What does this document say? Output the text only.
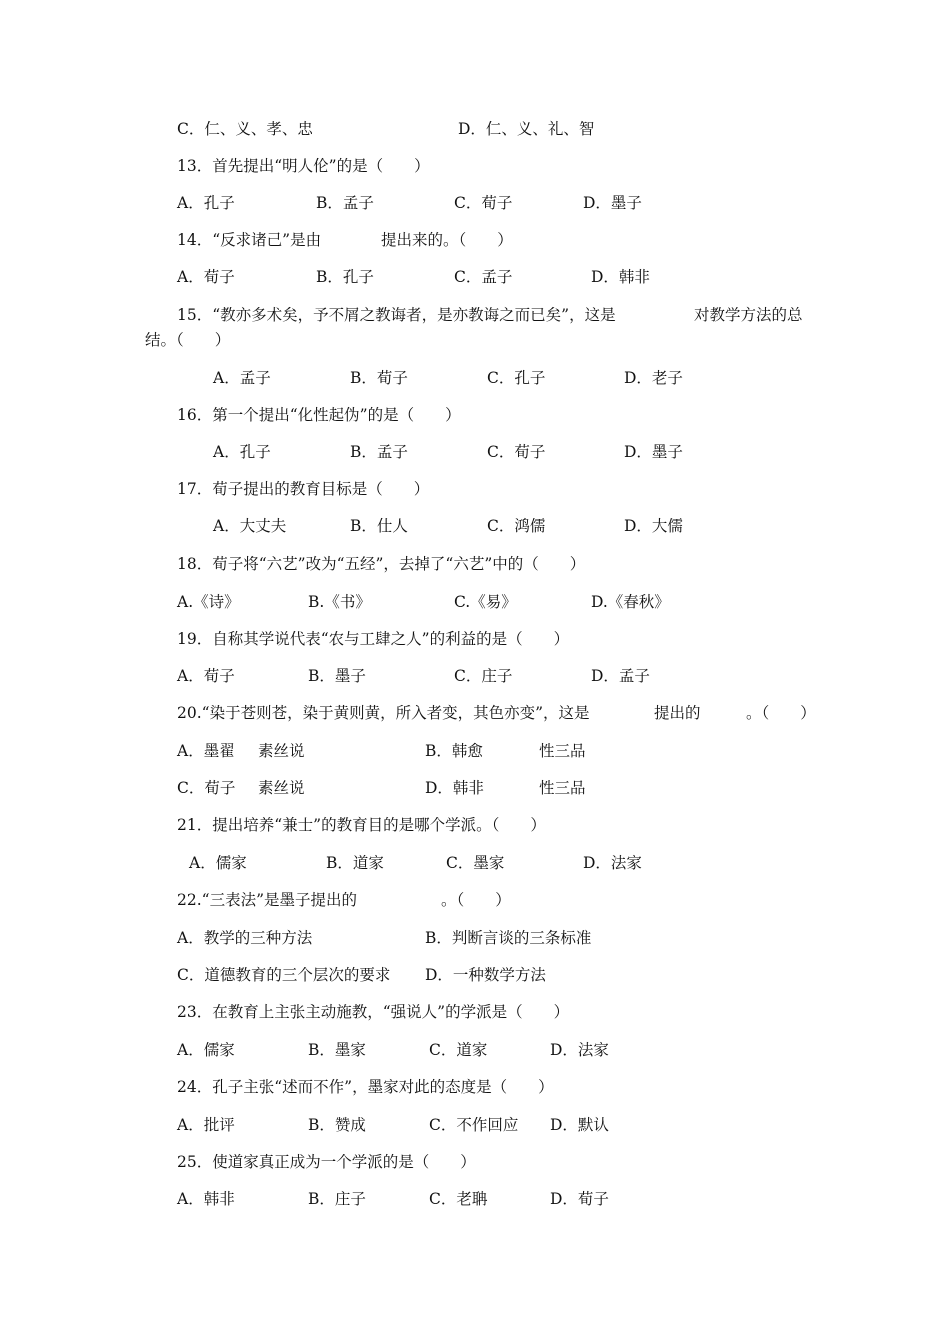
C．仁、义、孝、忠	D．仁、义、礼、智
13．首先提出“明人伦”的是（　　）
A．孔子	B．孟子	C．荀子	D．墨子
14．“反求诸己”是由	提出来的。（　　）
A．荀子	B．孔子	C．孟子	D．韩非
15．“教亦多术矣，予不屑之教诲者，是亦教诲之而已矣”，这是	对教学方法的总
结。（　　）
A．孟子	B．荀子	C．孔子	D．老子
16．第一个提出“化性起伪”的是（　　）
A．孔子	B．孟子	C．荀子	D．墨子
17．荀子提出的教育目标是（　　）
A．大丈夫	B．仕人	C．鸿儒	D．大儒
18．荀子将“六艺”改为“五经”，去掉了“六艺”中的（　　）
A.《诗》	B.《书》	C.《易》	D.《春秋》
19．自称其学说代表“农与工肆之人”的利益的是（　　）
A．荀子	B．墨子	C．庄子	D．孟子
20.“染于苍则苍，染于黄则黄，所入者变，其色亦变”，这是	提出的	。（　　）
A．墨翟 素丝说	B．韩愈	性三品
C．荀子 素丝说	D．韩非	性三品
21．提出培养“兼士”的教育目的是哪个学派。（　　）
A．儒家	B．道家	C．墨家	D．法家
22.“三表法”是墨子提出的	。（　　）
A．教学的三种方法	B．判断言谈的三条标准
C．道德教育的三个层次的要求 D．一种数学方法
23．在教育上主张主动施教，“强说人”的学派是（　　）
A．儒家	B．墨家	C．道家	D．法家
24．孔子主张“述而不作”，墨家对此的态度是（　　）
A．批评	B．赞成	C．不作回应 D．默认
25．使道家真正成为一个学派的是（　　）
A．韩非	B．庄子	C．老聃	D．荀子
